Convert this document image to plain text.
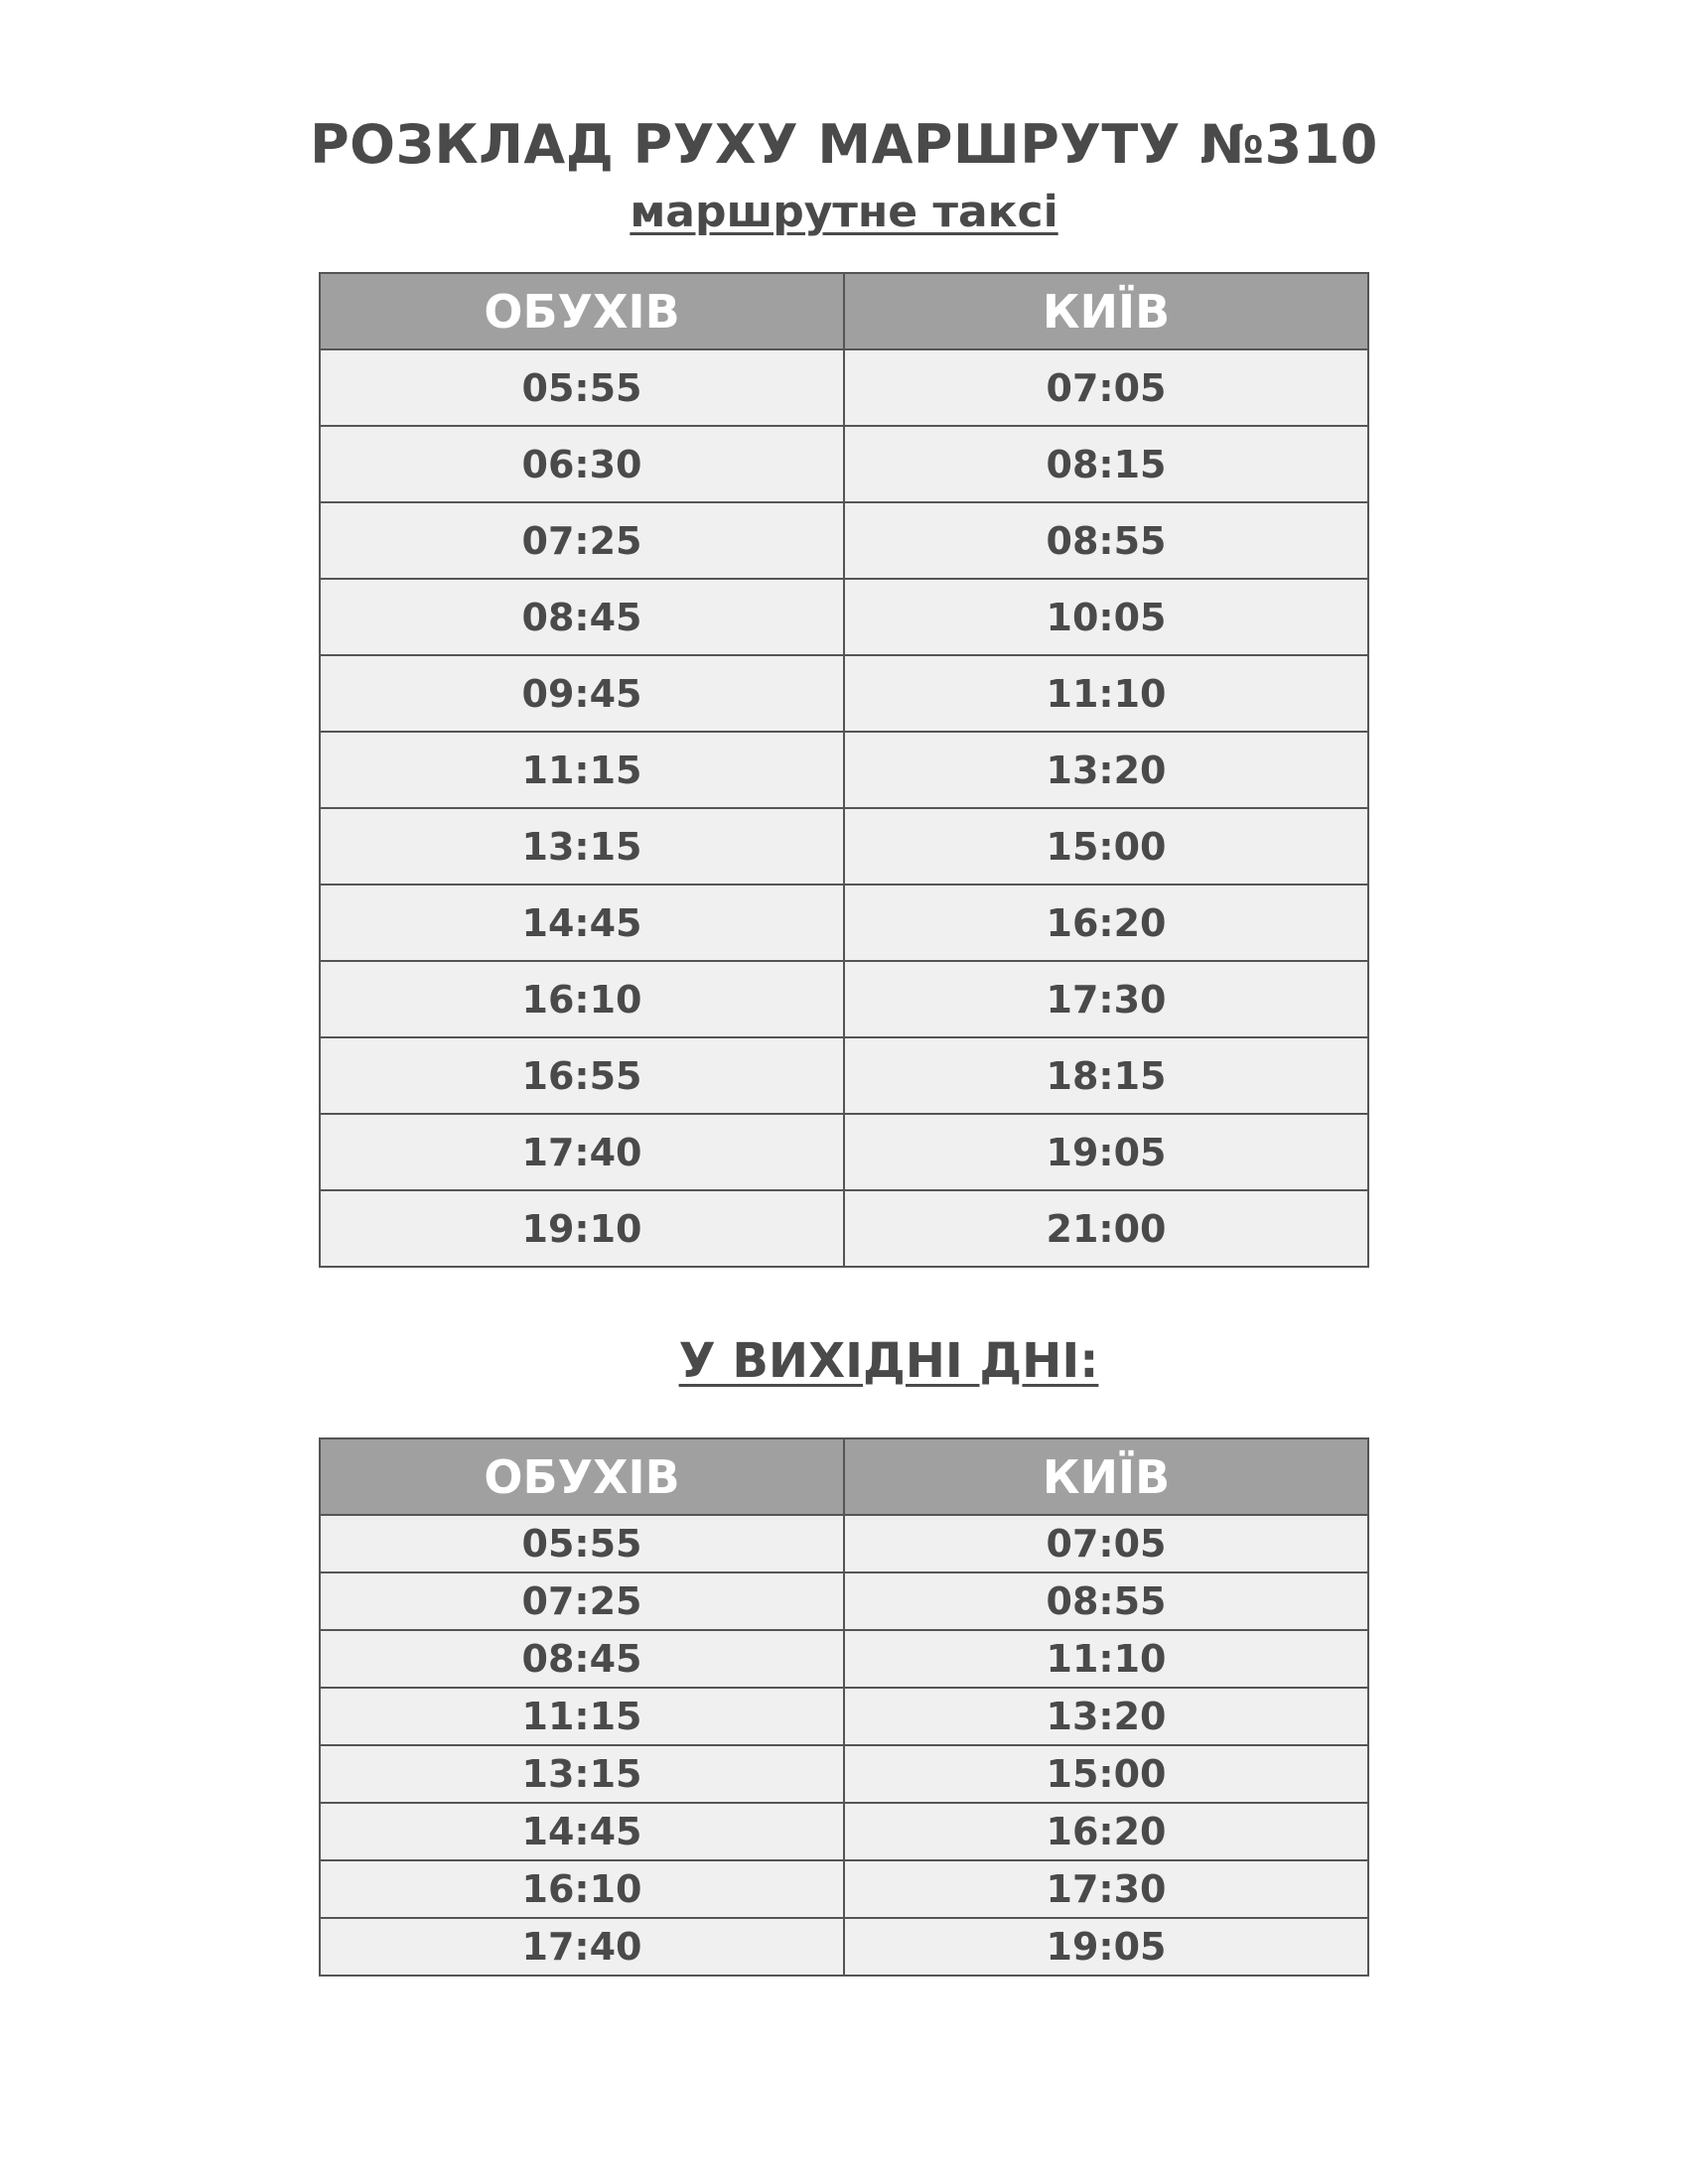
РОЗКЛАД РУХУ МАРШРУТУ №310
маршрутне таксі
ОБУХІВ	КИЇВ
05:55	07:05
06:30	08:15
07:25	08:55
08:45	10:05
09:45	11:10
11:15	13:20
13:15	15:00
14:45	16:20
16:10	17:30
16:55	18:15
17:40	19:05
19:10	21:00
У ВИХІДНІ ДНІ:
ОБУХІВ	КИЇВ
05:55	07:05
07:25	08:55
08:45	11:10
11:15	13:20
13:15	15:00
14:45	16:20
16:10	17:30
17:40	19:05
